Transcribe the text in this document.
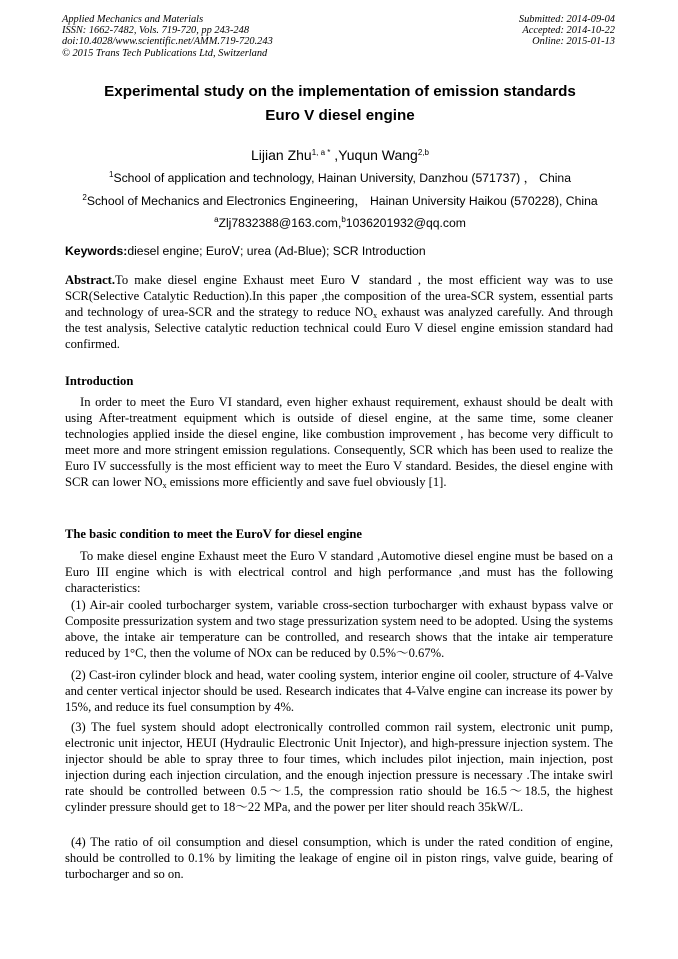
Applied Mechanics and Materials
ISSN: 1662-7482, Vols. 719-720, pp 243-248
doi:10.4028/www.scientific.net/AMM.719-720.243
© 2015 Trans Tech Publications Ltd, Switzerland
Submitted: 2014-09-04
Accepted: 2014-10-22
Online: 2015-01-13
Experimental study on the implementation of emission standards
Euro V diesel engine
Lijian Zhu$^{1, a *}$ ,Yuqun Wang$^{2,b}$
$^1$School of application and technology, Hainan University, Danzhou (571737) ， China
$^2$School of Mechanics and Electronics Engineering， Hainan University Haikou (570228), China
$^a$Zlj7832388@163.com,$^b$1036201932@qq.com
Keywords:diesel engine; EuroⅤ; urea (Ad-Blue); SCR Introduction

Abstract.To make diesel engine Exhaust meet Euro Ⅴ standard , the most efficient way was to use SCR(Selective Catalytic Reduction).In this paper ,the composition of the urea-SCR system, essential parts and technology of urea-SCR and the strategy to reduce $NO_x$ exhaust was analyzed carefully. And through the test analysis, Selective catalytic reduction technical could Euro V diesel engine emission standard had confirmed.

Introduction

In order to meet the Euro VI standard, even higher exhaust requirement, exhaust should be dealt with using After-treatment equipment which is outside of diesel engine, at the same time, some cleaner technologies applied inside the diesel engine, like combustion improvement , has become very difficult to meet more and more stringent emission regulations. Consequently, SCR which has been used to realize the Euro IV successfully is the most efficient way to meet the Euro V standard. Besides, the diesel engine with SCR can lower $NO_x$ emissions more efficiently and save fuel obviously [1].

The basic condition to meet the EuroV for diesel engine

To make diesel engine Exhaust meet the Euro V standard ,Automotive diesel engine must be based on a Euro III engine which is with electrical control and high performance ,and must has the following characteristics:

(1) Air-air cooled turbocharger system, variable cross-section turbocharger with exhaust bypass valve or Composite pressurization system and two stage pressurization system need to be adopted. Using the systems above, the intake air temperature can be controlled, and research shows that the intake air temperature reduced by 1°C, then the volume of NOx can be reduced by 0.5%～0.67%.

(2) Cast-iron cylinder block and head, water cooling system, interior engine oil cooler, structure of 4-Valve and center vertical injector should be used. Research indicates that 4-Valve engine can increase its power by 15%, and reduce its fuel consumption by 4%.

(3) The fuel system should adopt electronically controlled common rail system, electronic unit pump, electronic unit injector, HEUI (Hydraulic Electronic Unit Injector), and high-pressure injection system. The injector should be able to spray three to four times, which includes pilot injection, main injection, post injection during each injection circulation, and the enough injection pressure is necessary .The intake swirl rate should be controlled between 0.5～1.5, the compression ratio should be 16.5～18.5, the highest cylinder pressure should get to 18～22 MPa, and the power per liter should reach 35kW/L.

(4) The ratio of oil consumption and diesel consumption, which is under the rated condition of engine, should be controlled to 0.1% by limiting the leakage of engine oil in piston rings, valve guide, bearing of turbocharger and so on.
